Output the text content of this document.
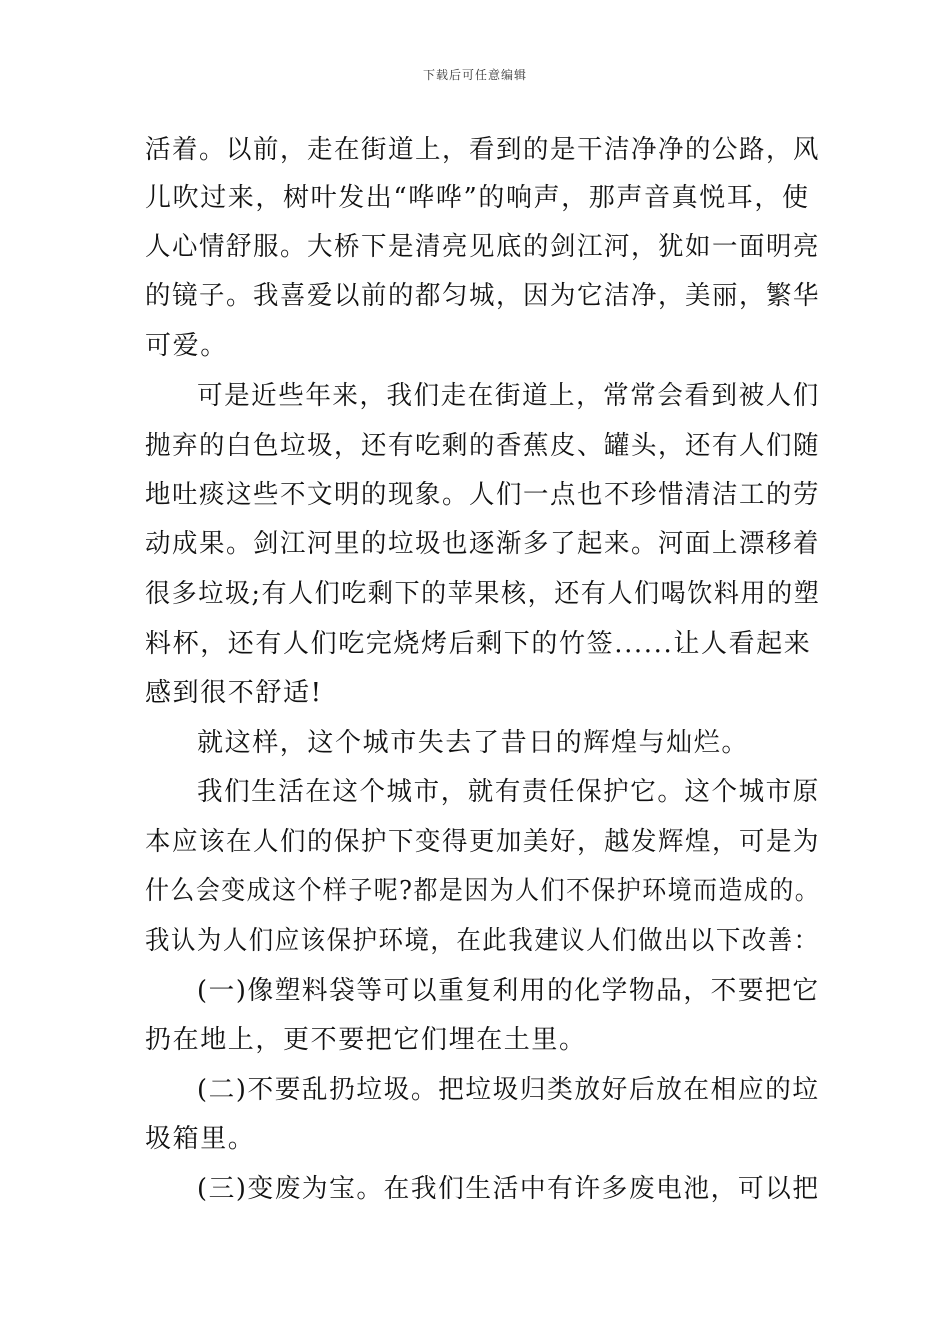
下载后可任意编辑
活着。以前，走在街道上，看到的是干洁净净的公路，风
儿吹过来，树叶发出“哗哗”的响声，那声音真悦耳，使
人心情舒服。大桥下是清亮见底的剑江河，犹如一面明亮
的镜子。我喜爱以前的都匀城，因为它洁净，美丽，繁华
可爱。
可是近些年来，我们走在街道上，常常会看到被人们
抛弃的白色垃圾，还有吃剩的香蕉皮、罐头，还有人们随
地吐痰这些不文明的现象。人们一点也不珍惜清洁工的劳
动成果。剑江河里的垃圾也逐渐多了起来。河面上漂移着
很多垃圾;有人们吃剩下的苹果核，还有人们喝饮料用的塑
料杯，还有人们吃完烧烤后剩下的竹签......让人看起来
感到很不舒适!
就这样，这个城市失去了昔日的辉煌与灿烂。
我们生活在这个城市，就有责任保护它。这个城市原
本应该在人们的保护下变得更加美好，越发辉煌，可是为
什么会变成这个样子呢?都是因为人们不保护环境而造成的。
我认为人们应该保护环境，在此我建议人们做出以下改善：
(一)像塑料袋等可以重复利用的化学物品，不要把它
扔在地上，更不要把它们埋在土里。
(二)不要乱扔垃圾。把垃圾归类放好后放在相应的垃
圾箱里。
(三)变废为宝。在我们生活中有许多废电池，可以把
